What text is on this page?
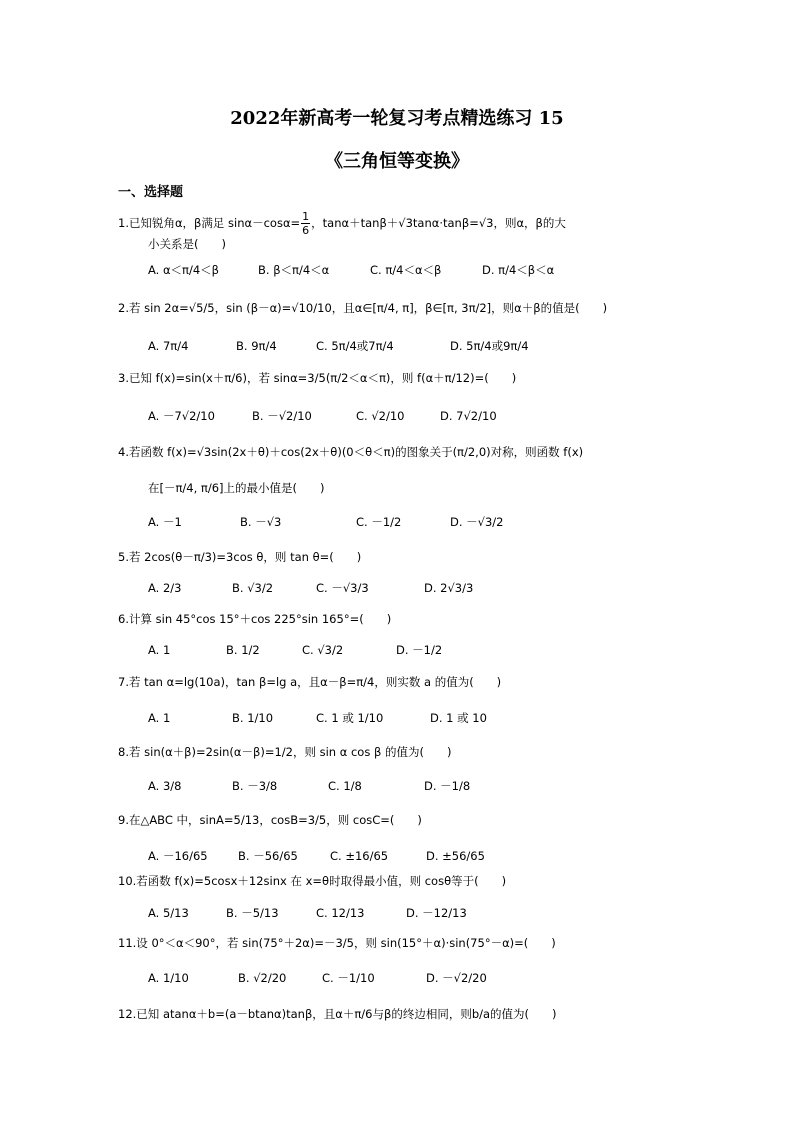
2022年新高考一轮复习考点精选练习 15
《三角恒等变换》
一、选择题
1.已知锐角α，β满足 $\sin\alpha-\cos\alpha= \frac{1}{6}$ ，tanα＋tanβ＋√3tanα·tanβ=√3，则α，β的大
小关系是(　　)
A. α＜π/4＜β	B. β＜π/4＜α	C. π/4＜α＜β	D. π/4＜β＜α
2.若 sin 2α=√5/5，sin (β－α)=√10/10，且α∈[π/4, π]，β∈[π, 3π/2]，则α＋β的值是(　　)
A. 7π/4	B. 9π/4	C. 5π/4或7π/4	D. 5π/4或9π/4
3.已知 f(x)=sin(x＋π/6)，若 sinα=3/5(π/2＜α＜π)，则 f(α＋π/12)=(　　)
A. －7√2/10	B. －√2/10	C. √2/10	D. 7√2/10
4.若函数 f(x)=√3sin(2x＋θ)＋cos(2x＋θ)(0＜θ＜π)的图象关于(π/2,0)对称，则函数 f(x)
在[－π/4, π/6]上的最小值是(　　)
A. －1	B. －√3	C. －1/2	D. －√3/2
5.若 2cos(θ－π/3)=3cos θ，则 tan θ=(　　)
A. 2/3	B. √3/2	C. －√3/3	D. 2√3/3
6.计算 sin 45°cos 15°＋cos 225°sin 165°=(　　)
A. 1	B. 1/2	C. √3/2	D. －1/2
7.若 tan α=lg(10a)，tan β=lg a，且α－β=π/4，则实数 a 的值为(　　)
A. 1	B. 1/10	C. 1 或 1/10	D. 1 或 10
8.若 sin(α＋β)=2sin(α－β)=1/2，则 sin α cos β 的值为(　　)
A. 3/8	B. －3/8	C. 1/8	D. －1/8
9.在△ABC 中，sinA=5/13，cosB=3/5，则 cosC=(　　)
A. －16/65	B. －56/65	C. ±16/65	D. ±56/65
10.若函数 f(x)=5cosx＋12sinx 在 x=θ时取得最小值，则 cosθ等于(　　)
A. 5/13	B. －5/13	C. 12/13	D. －12/13
11.设 0°＜α＜90°，若 sin(75°＋2α)=－3/5，则 sin(15°＋α)·sin(75°－α)=(　　)
A. 1/10	B. √2/20	C. －1/10	D. －√2/20
12.已知 atanα＋b=(a－btanα)tanβ，且α＋π/6与β的终边相同，则b/a的值为(　　)
